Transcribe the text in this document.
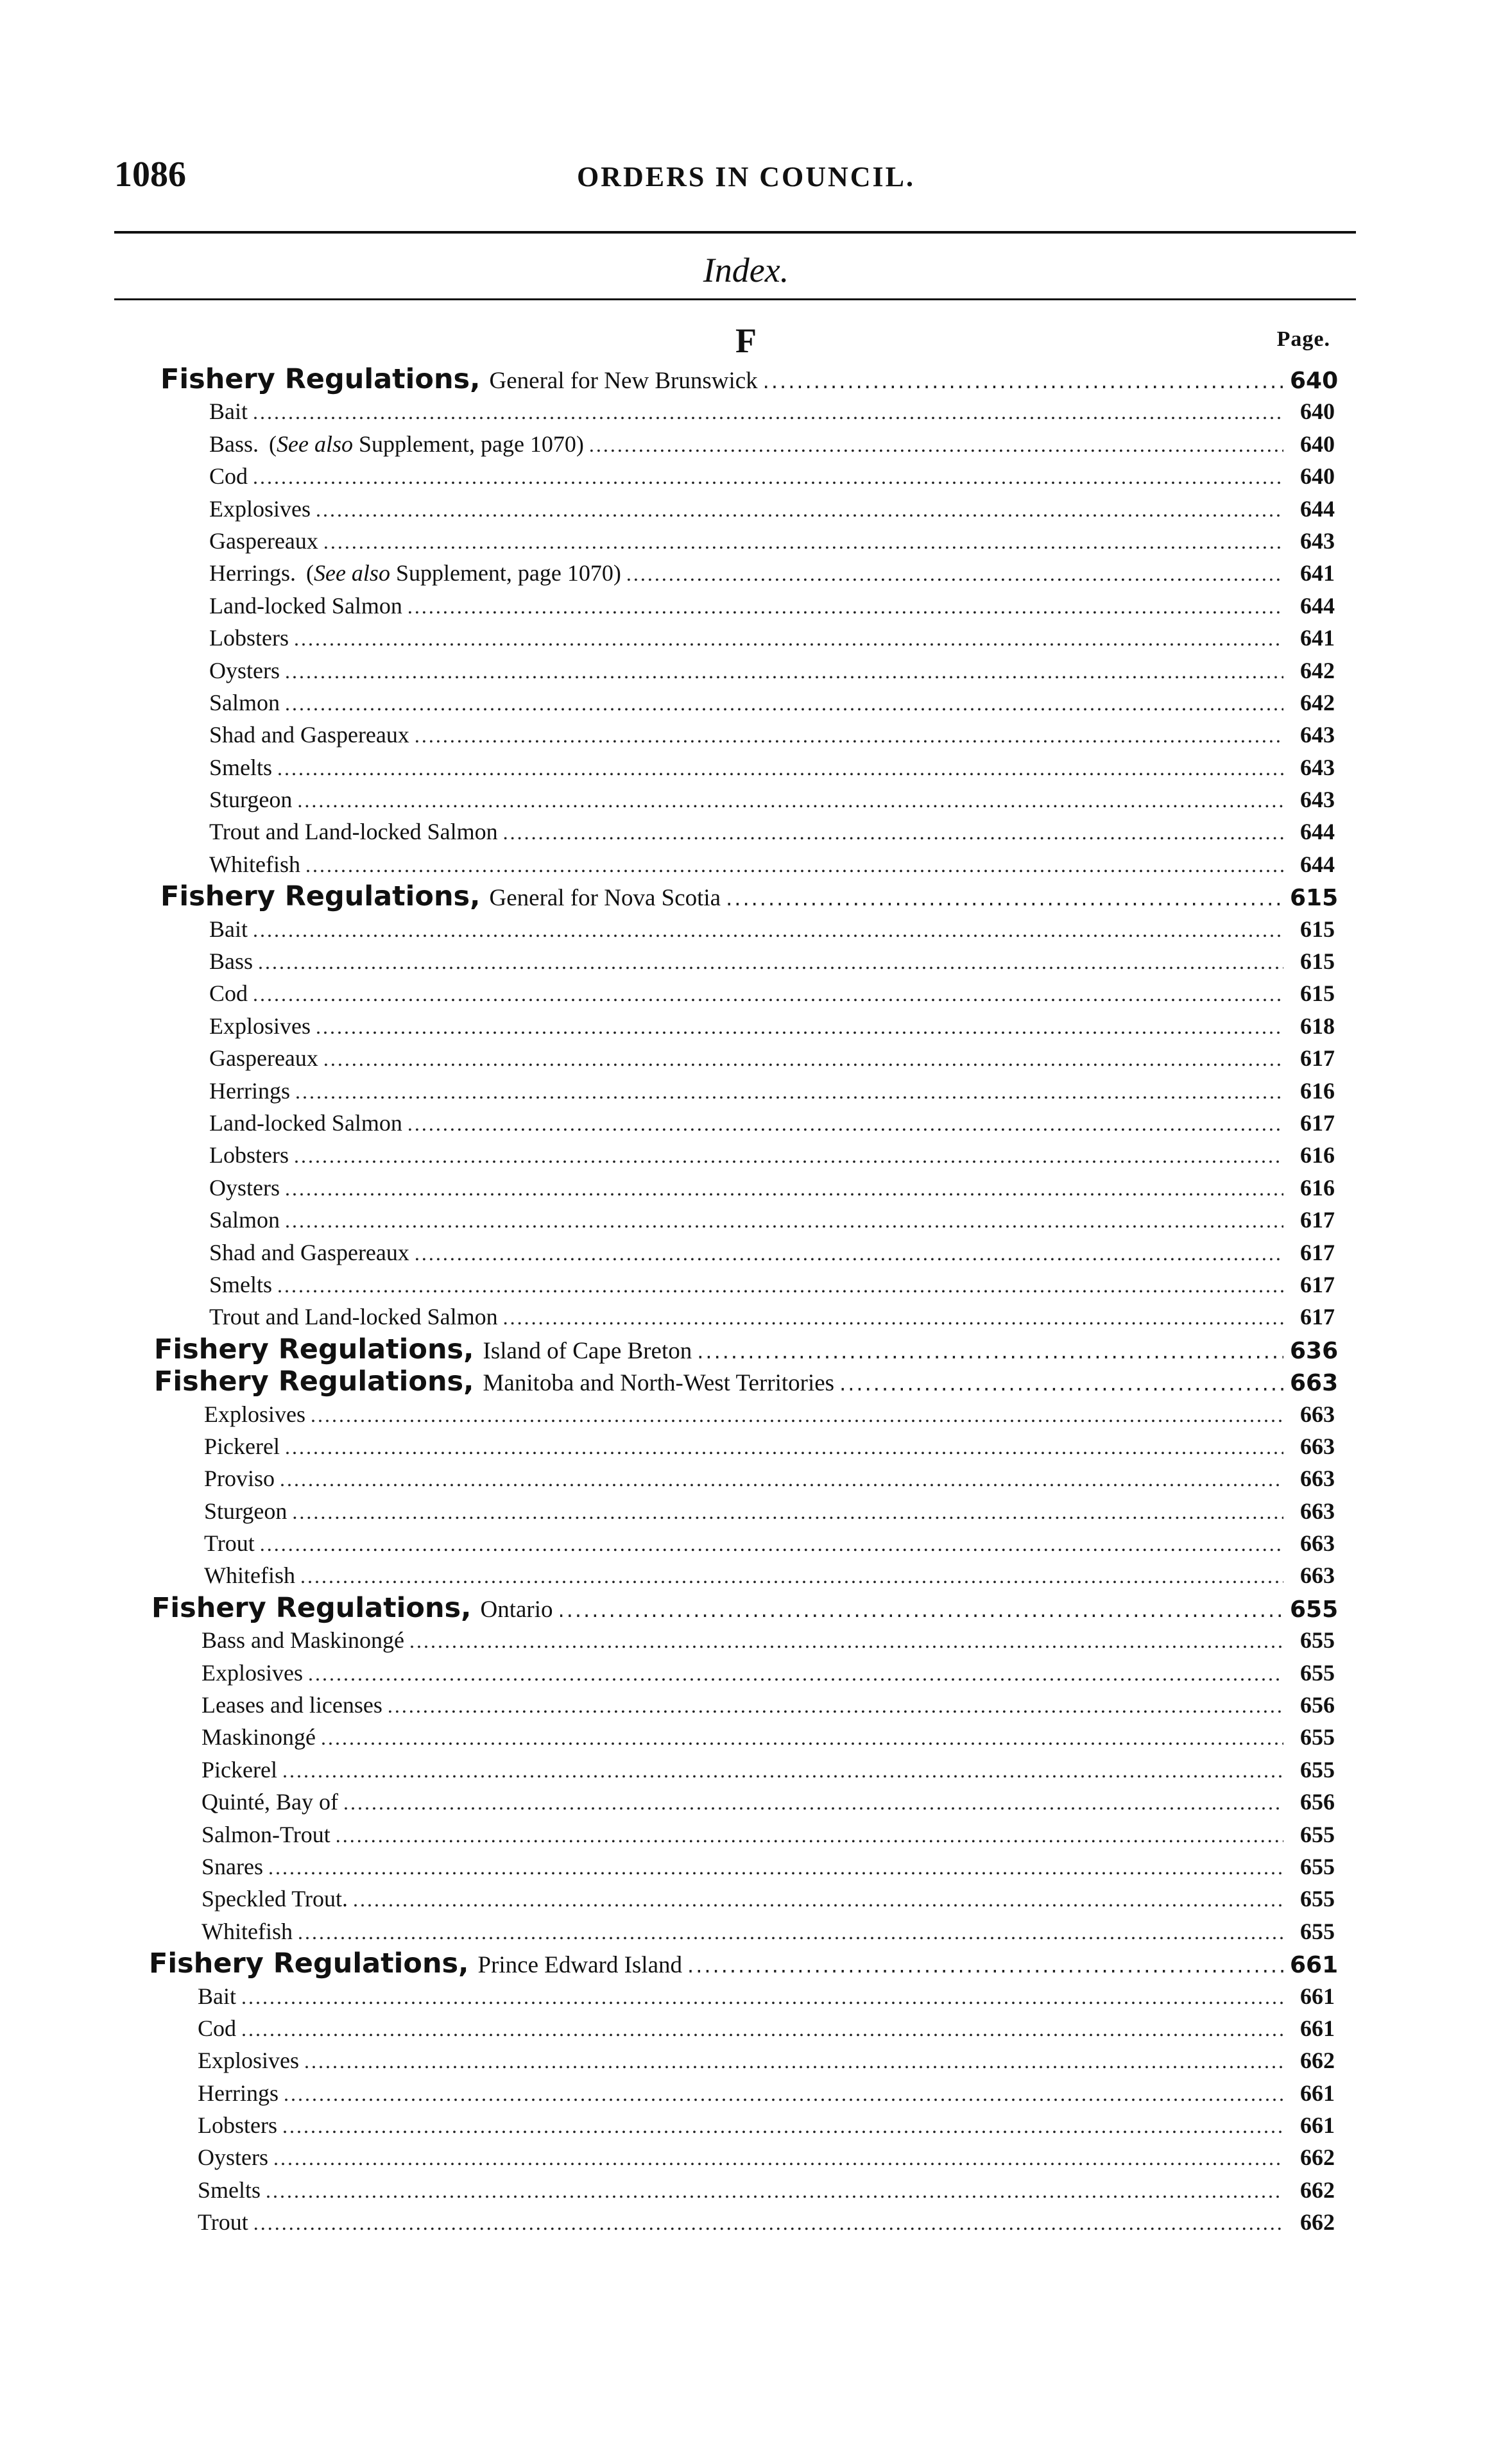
1086	ORDERS IN COUNCIL.
Index.
F	Page.
Fishery Regulations, General for New Brunswick .....	640
Bait .....	640
Bass. (See also Supplement, page 1070) .....	640
Cod .....	640
Explosives .....	644
Gaspereaux .....	643
Herrings. (See also Supplement, page 1070) .....	641
Land-locked Salmon .....	644
Lobsters .....	641
Oysters .....	642
Salmon .....	642
Shad and Gaspereaux .....	643
Smelts .....	643
Sturgeon .....	643
Trout and Land-locked Salmon .....	644
Whitefish .....	644
Fishery Regulations, General for Nova Scotia .....	615
Bait .....	615
Bass .....	615
Cod .....	615
Explosives .....	618
Gaspereaux .....	617
Herrings .....	616
Land-locked Salmon .....	617
Lobsters .....	616
Oysters .....	616
Salmon .....	617
Shad and Gaspereaux .....	617
Smelts .....	617
Trout and Land-locked Salmon .....	617
Fishery Regulations, Island of Cape Breton .....	636
Fishery Regulations, Manitoba and North-West Territories .....	663
Explosives .....	663
Pickerel .....	663
Proviso .....	663
Sturgeon .....	663
Trout .....	663
Whitefish .....	663
Fishery Regulations, Ontario .....	655
Bass and Maskinongé .....	655
Explosives .....	655
Leases and licenses .....	656
Maskinongé .....	655
Pickerel .....	655
Quinté, Bay of .....	656
Salmon-Trout .....	655
Snares .....	655
Speckled Trout. .....	655
Whitefish .....	655
Fishery Regulations, Prince Edward Island .....	661
Bait .....	661
Cod .....	661
Explosives .....	662
Herrings .....	661
Lobsters .....	661
Oysters .....	662
Smelts .....	662
Trout .....	662
